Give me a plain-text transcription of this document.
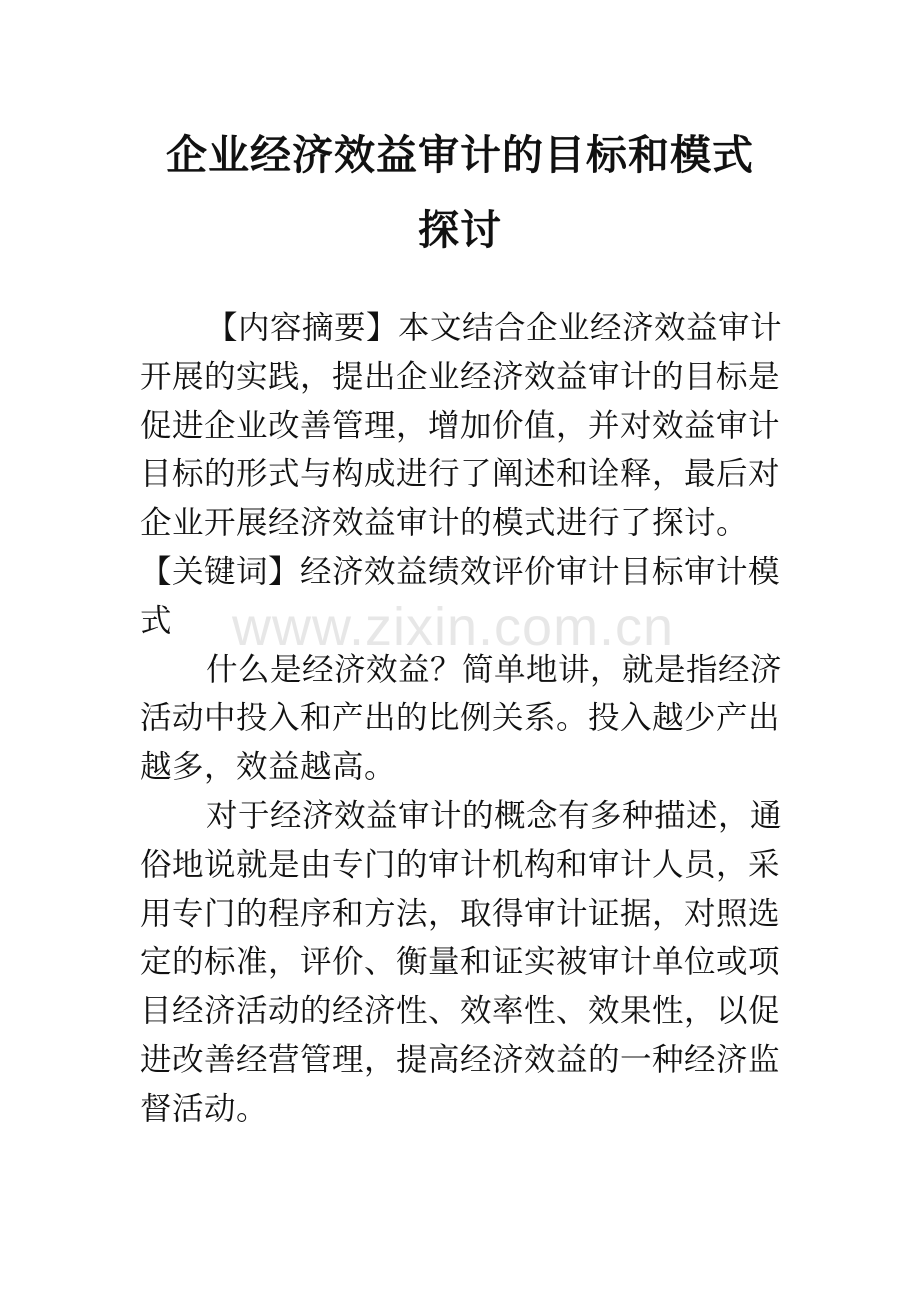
企业经济效益审计的目标和模式探讨

【内容摘要】本文结合企业经济效益审计开展的实践，提出企业经济效益审计的目标是促进企业改善管理，增加价值，并对效益审计目标的形式与构成进行了阐述和诠释，最后对企业开展经济效益审计的模式进行了探讨。

【关键词】经济效益绩效评价审计目标审计模式

什么是经济效益？简单地讲，就是指经济活动中投入和产出的比例关系。投入越少产出越多，效益越高。

对于经济效益审计的概念有多种描述，通俗地说就是由专门的审计机构和审计人员，采用专门的程序和方法，取得审计证据，对照选定的标准，评价、衡量和证实被审计单位或项目经济活动的经济性、效率性、效果性，以促进改善经营管理，提高经济效益的一种经济监督活动。

www.zixin.com.cn
